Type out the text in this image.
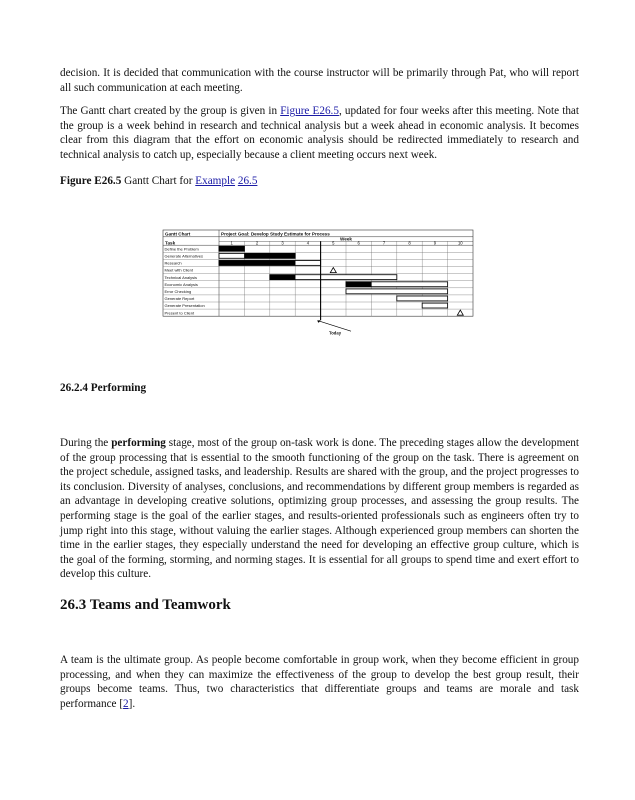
decision. It is decided that communication with the course instructor will be primarily through Pat, who will report all such communication at each meeting.

The Gantt chart created by the group is given in Figure E26.5, updated for four weeks after this meeting. Note that the group is a week behind in research and technical analysis but a week ahead in economic analysis. It becomes clear from this diagram that the effort on economic analysis should be redirected immediately to research and technical analysis to catch up, especially because a client meeting occurs next week.

Figure E26.5 Gantt Chart for Example 26.5

Gantt Chart	Project Goal: Develop Study Estimate for Process
Week
Task	1	2	3	4	5	6	7	8	9	10
Define the Problem
Generate Alternatives
Research
Meet with Client
Technical Analysis
Economic Analysis
Error Checking
Generate Report
Generate Presentation
Present to Client
Today

26.2.4 Performing

During the performing stage, most of the group on-task work is done. The preceding stages allow the development of the group processing that is essential to the smooth functioning of the group on the task. There is agreement on the project schedule, assigned tasks, and leadership. Results are shared with the group, and the project progresses to its conclusion. Diversity of analyses, conclusions, and recommendations by different group members is regarded as an advantage in developing creative solutions, optimizing group processes, and assessing the group results. The performing stage is the goal of the earlier stages, and results-oriented professionals such as engineers often try to jump right into this stage, without valuing the earlier stages. Although experienced group members can shorten the time in the earlier stages, they especially understand the need for developing an effective group culture, which is the goal of the forming, storming, and norming stages. It is essential for all groups to spend time and exert effort to develop this culture.

26.3 Teams and Teamwork

A team is the ultimate group. As people become comfortable in group work, when they become efficient in group processing, and when they can maximize the effectiveness of the group to develop the best group result, their groups become teams. Thus, two characteristics that differentiate groups and teams are morale and task performance [2].
